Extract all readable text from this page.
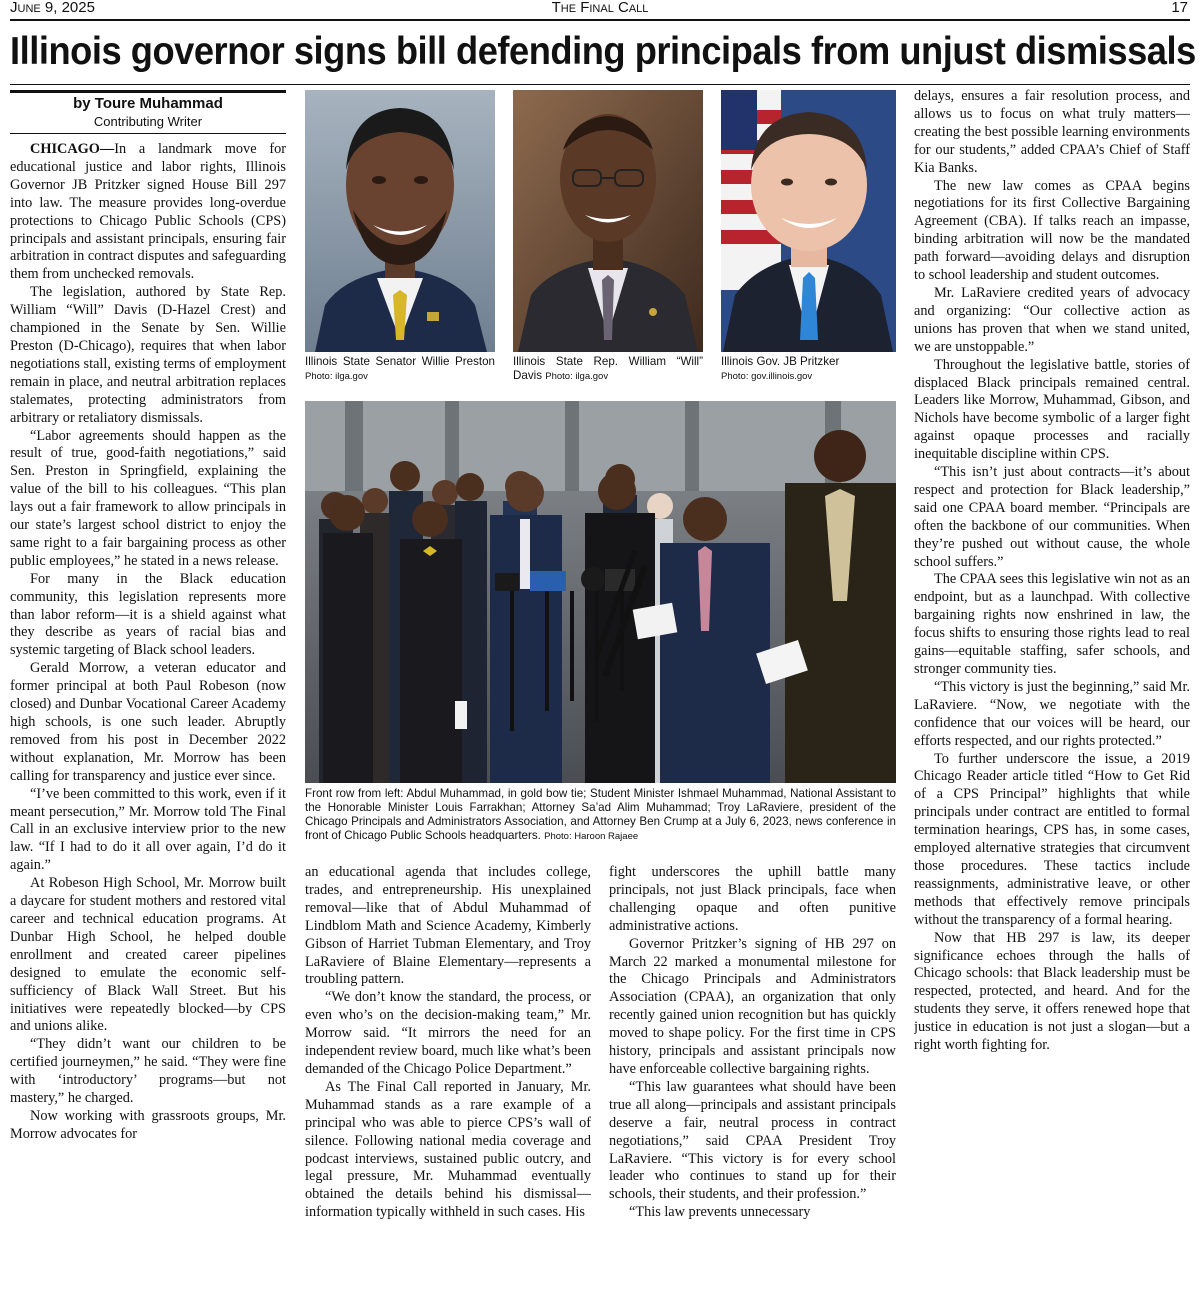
June 9, 2025	The Final Call	17
Illinois governor signs bill defending principals from unjust dismissals
by Toure Muhammad
Contributing Writer

CHICAGO—In a landmark move for educational justice and labor rights, Illinois Governor JB Pritzker signed House Bill 297 into law. The measure provides long-overdue protections to Chicago Public Schools (CPS) principals and assistant principals, ensuring fair arbitration in contract disputes and safeguarding them from unchecked removals.

The legislation, authored by State Rep. William “Will” Davis (D-Hazel Crest) and championed in the Senate by Sen. Willie Preston (D-Chicago), requires that when labor negotiations stall, existing terms of employment remain in place, and neutral arbitration replaces stalemates, protecting administrators from arbitrary or retaliatory dismissals.

“Labor agreements should happen as the result of true, good-faith negotiations,” said Sen. Preston in Springfield, explaining the value of the bill to his colleagues. “This plan lays out a fair framework to allow principals in our state’s largest school district to enjoy the same right to a fair bargaining process as other public employees,” he stated in a news release.

For many in the Black education community, this legislation represents more than labor reform—it is a shield against what they describe as years of racial bias and systemic targeting of Black school leaders.

Gerald Morrow, a veteran educator and former principal at both Paul Robeson (now closed) and Dunbar Vocational Career Academy high schools, is one such leader. Abruptly removed from his post in December 2022 without explanation, Mr. Morrow has been calling for transparency and justice ever since.

“I’ve been committed to this work, even if it meant persecution,” Mr. Morrow told The Final Call in an exclusive interview prior to the new law. “If I had to do it all over again, I’d do it again.”

At Robeson High School, Mr. Morrow built a daycare for student mothers and restored vital career and technical education programs. At Dunbar High School, he helped double enrollment and created career pipelines designed to emulate the economic self-sufficiency of Black Wall Street. But his initiatives were repeatedly blocked—by CPS and unions alike.

“They didn’t want our children to be certified journeymen,” he said. “They were fine with ‘introductory’ programs—but not mastery,” he charged.

Now working with grassroots groups, Mr. Morrow advocates for

Illinois State Senator Willie Preston Photo: ilga.gov
Illinois State Rep. William “Will” Davis Photo: ilga.gov
Illinois Gov. JB Pritzker
Photo: gov.illinois.gov
Front row from left: Abdul Muhammad, in gold bow tie; Student Minister Ishmael Muhammad, National Assistant to the Honorable Minister Louis Farrakhan; Attorney Sa’ad Alim Muhammad; Troy LaRaviere, president of the Chicago Principals and Administrators Association, and Attorney Ben Crump at a July 6, 2023, news conference in front of Chicago Public Schools headquarters. Photo: Haroon Rajaee

an educational agenda that includes college, trades, and entrepreneurship. His unexplained removal—like that of Abdul Muhammad of Lindblom Math and Science Academy, Kimberly Gibson of Harriet Tubman Elementary, and Troy LaRaviere of Blaine Elementary—represents a troubling pattern.

“We don’t know the standard, the process, or even who’s on the decision-making team,” Mr. Morrow said. “It mirrors the need for an independent review board, much like what’s been demanded of the Chicago Police Department.”

As The Final Call reported in January, Mr. Muhammad stands as a rare example of a principal who was able to pierce CPS’s wall of silence. Following national media coverage and podcast interviews, sustained public outcry, and legal pressure, Mr. Muhammad eventually obtained the details behind his dismissal—information typically withheld in such cases. His

fight underscores the uphill battle many principals, not just Black principals, face when challenging opaque and often punitive administrative actions.

Governor Pritzker’s signing of HB 297 on March 22 marked a monumental milestone for the Chicago Principals and Administrators Association (CPAA), an organization that only recently gained union recognition but has quickly moved to shape policy. For the first time in CPS history, principals and assistant principals now have enforceable collective bargaining rights.

“This law guarantees what should have been true all along—principals and assistant principals deserve a fair, neutral process in contract negotiations,” said CPAA President Troy LaRaviere. “This victory is for every school leader who continues to stand up for their schools, their students, and their profession.”

“This law prevents unnecessary

delays, ensures a fair resolution process, and allows us to focus on what truly matters—creating the best possible learning environments for our students,” added CPAA’s Chief of Staff Kia Banks.

The new law comes as CPAA begins negotiations for its first Collective Bargaining Agreement (CBA). If talks reach an impasse, binding arbitration will now be the mandated path forward—avoiding delays and disruption to school leadership and student outcomes.

Mr. LaRaviere credited years of advocacy and organizing: “Our collective action as unions has proven that when we stand united, we are unstoppable.”

Throughout the legislative battle, stories of displaced Black principals remained central. Leaders like Morrow, Muhammad, Gibson, and Nichols have become symbolic of a larger fight against opaque processes and racially inequitable discipline within CPS.

“This isn’t just about contracts—it’s about respect and protection for Black leadership,” said one CPAA board member. “Principals are often the backbone of our communities. When they’re pushed out without cause, the whole school suffers.”

The CPAA sees this legislative win not as an endpoint, but as a launchpad. With collective bargaining rights now enshrined in law, the focus shifts to ensuring those rights lead to real gains—equitable staffing, safer schools, and stronger community ties.

“This victory is just the beginning,” said Mr. LaRaviere. “Now, we negotiate with the confidence that our voices will be heard, our efforts respected, and our rights protected.”

To further underscore the issue, a 2019 Chicago Reader article titled “How to Get Rid of a CPS Principal” highlights that while principals under contract are entitled to formal termination hearings, CPS has, in some cases, employed alternative strategies that circumvent those procedures. These tactics include reassignments, administrative leave, or other methods that effectively remove principals without the transparency of a formal hearing.

Now that HB 297 is law, its deeper significance echoes through the halls of Chicago schools: that Black leadership must be respected, protected, and heard. And for the students they serve, it offers renewed hope that justice in education is not just a slogan—but a right worth fighting for.
